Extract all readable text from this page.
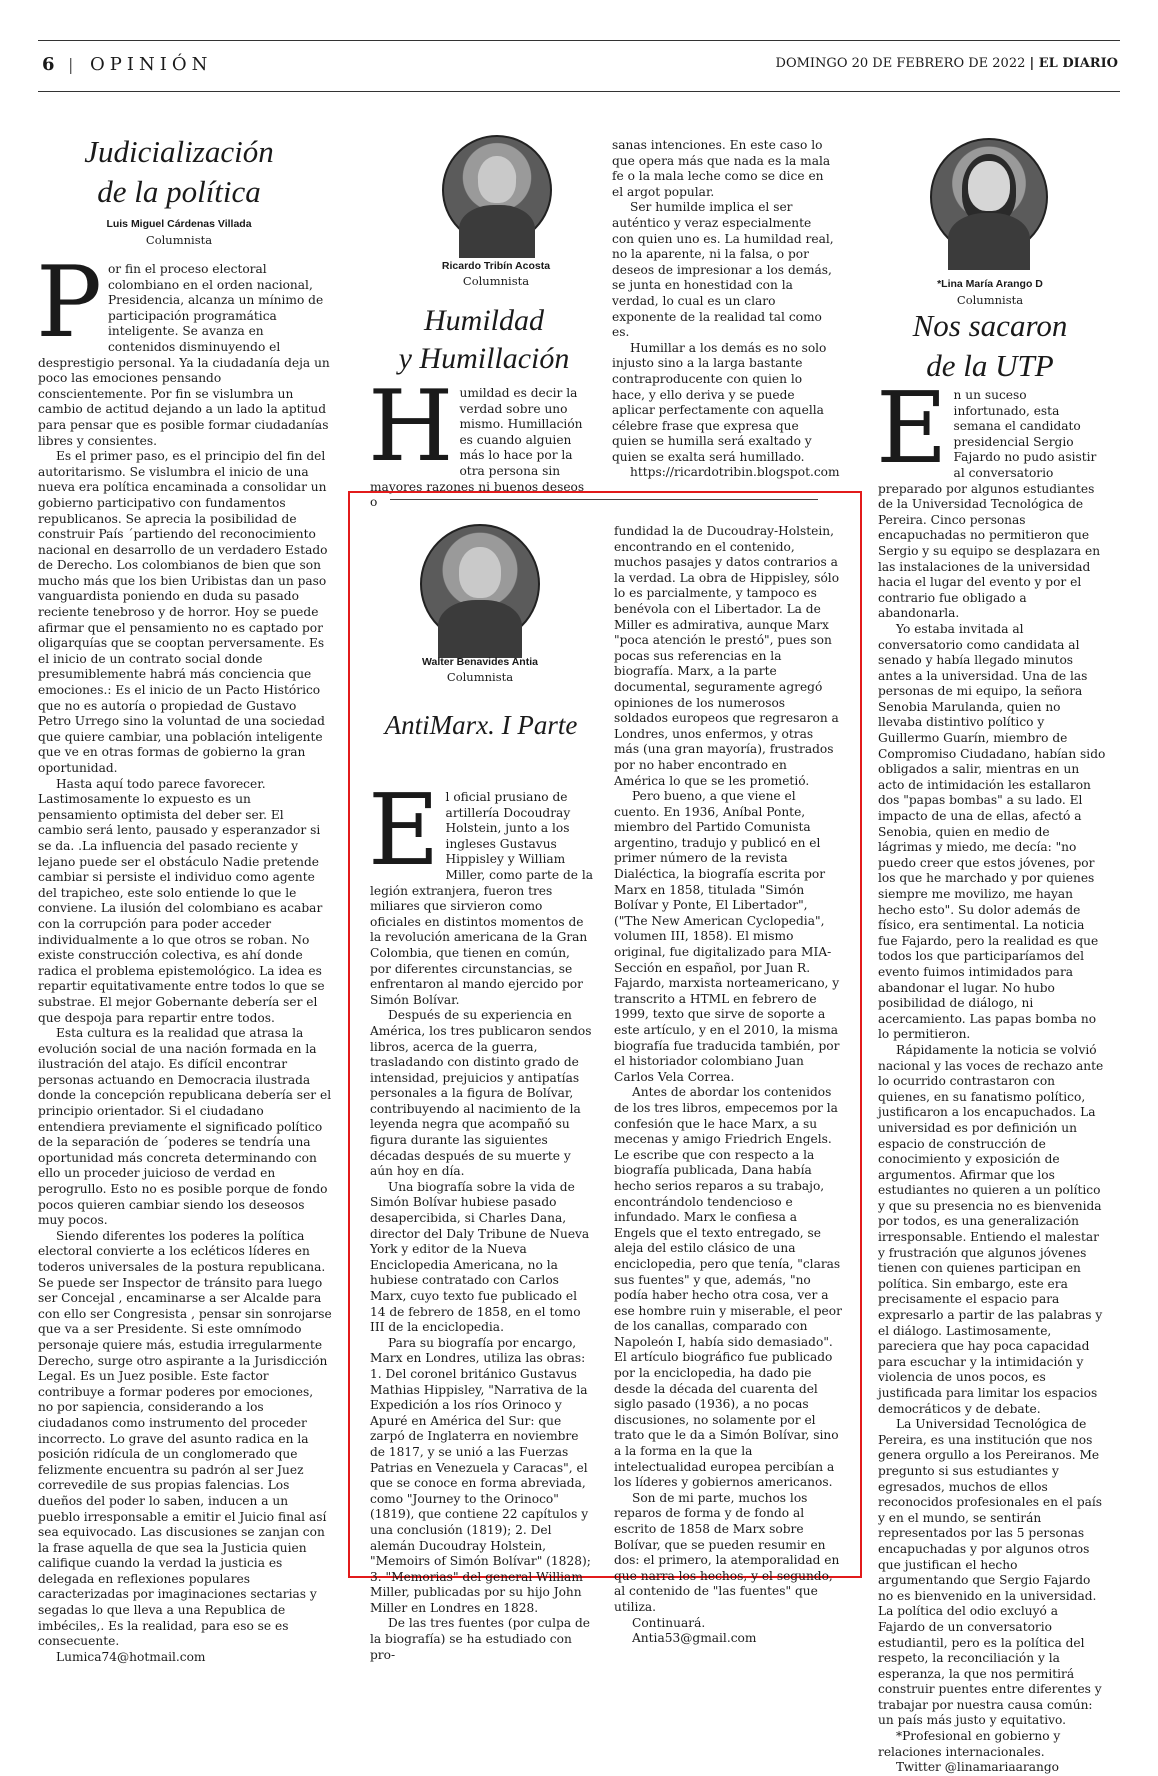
6 | OPINIÓN	DOMINGO 20 DE FEBRERO DE 2022 | EL DIARIO
Judicialización
de la política
Luis Miguel Cárdenas Villada
Columnista
P or fin el proceso electoral colombiano en el orden nacional, Presidencia, alcanza un mínimo de participación programática inteligente. Se avanza en contenidos disminuyendo el desprestigio personal. Ya la ciudadanía deja un poco las emociones pensando conscientemente. Por fin se vislumbra un cambio de actitud dejando a un lado la aptitud para pensar que es posible formar ciudadanías libres y consientes.

Es el primer paso, es el principio del fin del autoritarismo. Se vislumbra el inicio de una nueva era política encaminada a consolidar un gobierno participativo con fundamentos republicanos. Se aprecia la posibilidad de construir País ´partiendo del reconocimiento nacional en desarrollo de un verdadero Estado de Derecho. Los colombianos de bien que son mucho más que los bien Uribistas dan un paso vanguardista poniendo en duda su pasado reciente tenebroso y de horror. Hoy se puede afirmar que el pensamiento no es captado por oligarquías que se cooptan perversamente. Es el inicio de un contrato social donde presumiblemente habrá más conciencia que emociones.: Es el inicio de un Pacto Histórico que no es autoría o propiedad de Gustavo Petro Urrego sino la voluntad de una sociedad que quiere cambiar, una población inteligente que ve en otras formas de gobierno la gran oportunidad.

Hasta aquí todo parece favorecer. Lastimosamente lo expuesto es un pensamiento optimista del deber ser. El cambio será lento, pausado y esperanzador si se da. .La influencia del pasado reciente y lejano puede ser el obstáculo Nadie pretende cambiar si persiste el individuo como agente del trapicheo, este solo entiende lo que le conviene. La ilusión del colombiano es acabar con la corrupción para poder acceder individualmente a lo que otros se roban. No existe construcción colectiva, es ahí donde radica el problema epistemológico. La idea es repartir equitativamente entre todos lo que se substrae. El mejor Gobernante debería ser el que despoja para repartir entre todos.

Esta cultura es la realidad que atrasa la evolución social de una nación formada en la ilustración del atajo. Es difícil encontrar personas actuando en Democracia ilustrada donde la concepción republicana debería ser el principio orientador. Si el ciudadano entendiera previamente el significado político de la separación de ´poderes se tendría una oportunidad más concreta determinando con ello un proceder juicioso de verdad en perogrullo. Esto no es posible porque de fondo pocos quieren cambiar siendo los deseosos muy pocos.

Siendo diferentes los poderes la política electoral convierte a los ecléticos líderes en toderos universales de la postura republicana. Se puede ser Inspector de tránsito para luego ser Concejal , encaminarse a ser Alcalde para con ello ser Congresista , pensar sin sonrojarse que va a ser Presidente. Si este omnímodo personaje quiere más, estudia irregularmente Derecho, surge otro aspirante a la Jurisdicción Legal. Es un Juez posible. Este factor contribuye a formar poderes por emociones, no por sapiencia, considerando a los ciudadanos como instrumento del proceder incorrecto. Lo grave del asunto radica en la posición ridícula de un conglomerado que felizmente encuentra su padrón al ser Juez correvedile de sus propias falencias. Los dueños del poder lo saben, inducen a un pueblo irresponsable a emitir el Juicio final así sea equivocado. Las discusiones se zanjan con la frase aquella de que sea la Justicia quien califique cuando la verdad la justicia es delegada en reflexiones populares caracterizadas por imaginaciones sectarias y segadas lo que lleva a una Republica de imbéciles,. Es la realidad, para eso se es consecuente.

Lumica74@hotmail.com

Ricardo Tribín Acosta
Columnista
Humildad
y Humillación
H umildad es decir la verdad sobre uno mismo. Humillación es cuando alguien más lo hace por la otra persona sin mayores razones ni buenos deseos o

sanas intenciones. En este caso lo que opera más que nada es la mala fe o la mala leche como se dice en el argot popular.

Ser humilde implica el ser auténtico y veraz especialmente con quien uno es. La humildad real, no la aparente, ni la falsa, o por deseos de impresionar a los demás, se junta en honestidad con la verdad, lo cual es un claro exponente de la realidad tal como es.

Humillar a los demás es no solo injusto sino a la larga bastante contraproducente con quien lo hace, y ello deriva y se puede aplicar perfectamente con aquella célebre frase que expresa que quien se humilla será exaltado y quien se exalta será humillado.

https://ricardotribin.blogspot.com

*Lina María Arango D
Columnista
Nos sacaron
de la UTP
E n un suceso infortunado, esta semana el candidato presidencial Sergio Fajardo no pudo asistir al conversatorio preparado por algunos estudiantes de la Universidad Tecnológica de Pereira. Cinco personas encapuchadas no permitieron que Sergio y su equipo se desplazara en las instalaciones de la universidad hacia el lugar del evento y por el contrario fue obligado a abandonarla.

Yo estaba invitada al conversatorio como candidata al senado y había llegado minutos antes a la universidad. Una de las personas de mi equipo, la señora Senobia Marulanda, quien no llevaba distintivo político y Guillermo Guarín, miembro de Compromiso Ciudadano, habían sido obligados a salir, mientras en un acto de intimidación les estallaron dos "papas bombas" a su lado. El impacto de una de ellas, afectó a Senobia, quien en medio de lágrimas y miedo, me decía: "no puedo creer que estos jóvenes, por los que he marchado y por quienes siempre me movilizo, me hayan hecho esto". Su dolor además de físico, era sentimental. La noticia fue Fajardo, pero la realidad es que todos los que participaríamos del evento fuimos intimidados para abandonar el lugar. No hubo posibilidad de diálogo, ni acercamiento. Las papas bomba no lo permitieron.

Rápidamente la noticia se volvió nacional y las voces de rechazo ante lo ocurrido contrastaron con quienes, en su fanatismo político, justificaron a los encapuchados. La universidad es por definición un espacio de construcción de conocimiento y exposición de argumentos. Afirmar que los estudiantes no quieren a un político y que su presencia no es bienvenida por todos, es una generalización irresponsable. Entiendo el malestar y frustración que algunos jóvenes tienen con quienes participan en política. Sin embargo, este era precisamente el espacio para expresarlo a partir de las palabras y el diálogo. Lastimosamente, pareciera que hay poca capacidad para escuchar y la intimidación y violencia de unos pocos, es justificada para limitar los espacios democráticos y de debate.

La Universidad Tecnológica de Pereira, es una institución que nos genera orgullo a los Pereiranos. Me pregunto si sus estudiantes y egresados, muchos de ellos reconocidos profesionales en el país y en el mundo, se sentirán representados por las 5 personas encapuchadas y por algunos otros que justifican el hecho argumentando que Sergio Fajardo no es bienvenido en la universidad. La política del odio excluyó a Fajardo de un conversatorio estudiantil, pero es la política del respeto, la reconciliación y la esperanza, la que nos permitirá construir puentes entre diferentes y trabajar por nuestra causa común: un país más justo y equitativo.

*Profesional en gobierno y relaciones internacionales.

Twitter @linamariaarango

Walter Benavides Antia
Columnista
AntiMarx. I Parte
E l oficial prusiano de artillería Docoudray Holstein, junto a los ingleses Gustavus Hippisley y William Miller, como parte de la legión extranjera, fueron tres miliares que sirvieron como oficiales en distintos momentos de la revolución americana de la Gran Colombia, que tienen en común, por diferentes circunstancias, se enfrentaron al mando ejercido por Simón Bolívar.

Después de su experiencia en América, los tres publicaron sendos libros, acerca de la guerra, trasladando con distinto grado de intensidad, prejuicios y antipatías personales a la figura de Bolívar, contribuyendo al nacimiento de la leyenda negra que acompañó su figura durante las siguientes décadas después de su muerte y aún hoy en día.

Una biografía sobre la vida de Simón Bolívar hubiese pasado desapercibida, si Charles Dana, director del Daly Tribune de Nueva York y editor de la Nueva Enciclopedia Americana, no la hubiese contratado con Carlos Marx, cuyo texto fue publicado el 14 de febrero de 1858, en el tomo III de la enciclopedia.

Para su biografía por encargo, Marx en Londres, utiliza las obras: 1. Del coronel británico Gustavus Mathias Hippisley, "Narrativa de la Expedición a los ríos Orinoco y Apuré en América del Sur: que zarpó de Inglaterra en noviembre de 1817, y se unió a las Fuerzas Patrias en Venezuela y Caracas", el que se conoce en forma abreviada, como "Journey to the Orinoco" (1819), que contiene 22 capítulos y una conclusión (1819); 2. Del alemán Ducoudray Holstein, "Memoirs of Simón Bolívar" (1828); 3. "Memorias" del general William Miller, publicadas por su hijo John Miller en Londres en 1828.

De las tres fuentes (por culpa de la biografía) se ha estudiado con pro-

fundidad la de Ducoudray-Holstein, encontrando en el contenido, muchos pasajes y datos contrarios a la verdad. La obra de Hippisley, sólo lo es parcialmente, y tampoco es benévola con el Libertador. La de Miller es admirativa, aunque Marx "poca atención le prestó", pues son pocas sus referencias en la biografía. Marx, a la parte documental, seguramente agregó opiniones de los numerosos soldados europeos que regresaron a Londres, unos enfermos, y otras más (una gran mayoría), frustrados por no haber encontrado en América lo que se les prometió.

Pero bueno, a que viene el cuento. En 1936, Aníbal Ponte, miembro del Partido Comunista argentino, tradujo y publicó en el primer número de la revista Dialéctica, la biografía escrita por Marx en 1858, titulada "Simón Bolívar y Ponte, El Libertador", ("The New American Cyclopedia", volumen III, 1858). El mismo original, fue digitalizado para MIA-Sección en español, por Juan R. Fajardo, marxista norteamericano, y transcrito a HTML en febrero de 1999, texto que sirve de soporte a este artículo, y en el 2010, la misma biografía fue traducida también, por el historiador colombiano Juan Carlos Vela Correa.

Antes de abordar los contenidos de los tres libros, empecemos por la confesión que le hace Marx, a su mecenas y amigo Friedrich Engels. Le escribe que con respecto a la biografía publicada, Dana había hecho serios reparos a su trabajo, encontrándolo tendencioso e infundado. Marx le confiesa a Engels que el texto entregado, se aleja del estilo clásico de una enciclopedia, pero que tenía, "claras sus fuentes" y que, además, "no podía haber hecho otra cosa, ver a ese hombre ruin y miserable, el peor de los canallas, comparado con Napoleón I, había sido demasiado". El artículo biográfico fue publicado por la enciclopedia, ha dado pie desde la década del cuarenta del siglo pasado (1936), a no pocas discusiones, no solamente por el trato que le da a Simón Bolívar, sino a la forma en la que la intelectualidad europea percibían a los líderes y gobiernos americanos.

Son de mi parte, muchos los reparos de forma y de fondo al escrito de 1858 de Marx sobre Bolívar, que se pueden resumir en dos: el primero, la atemporalidad en que narra los hechos, y el segundo, al contenido de "las fuentes" que utiliza.

Continuará.

Antia53@gmail.com
